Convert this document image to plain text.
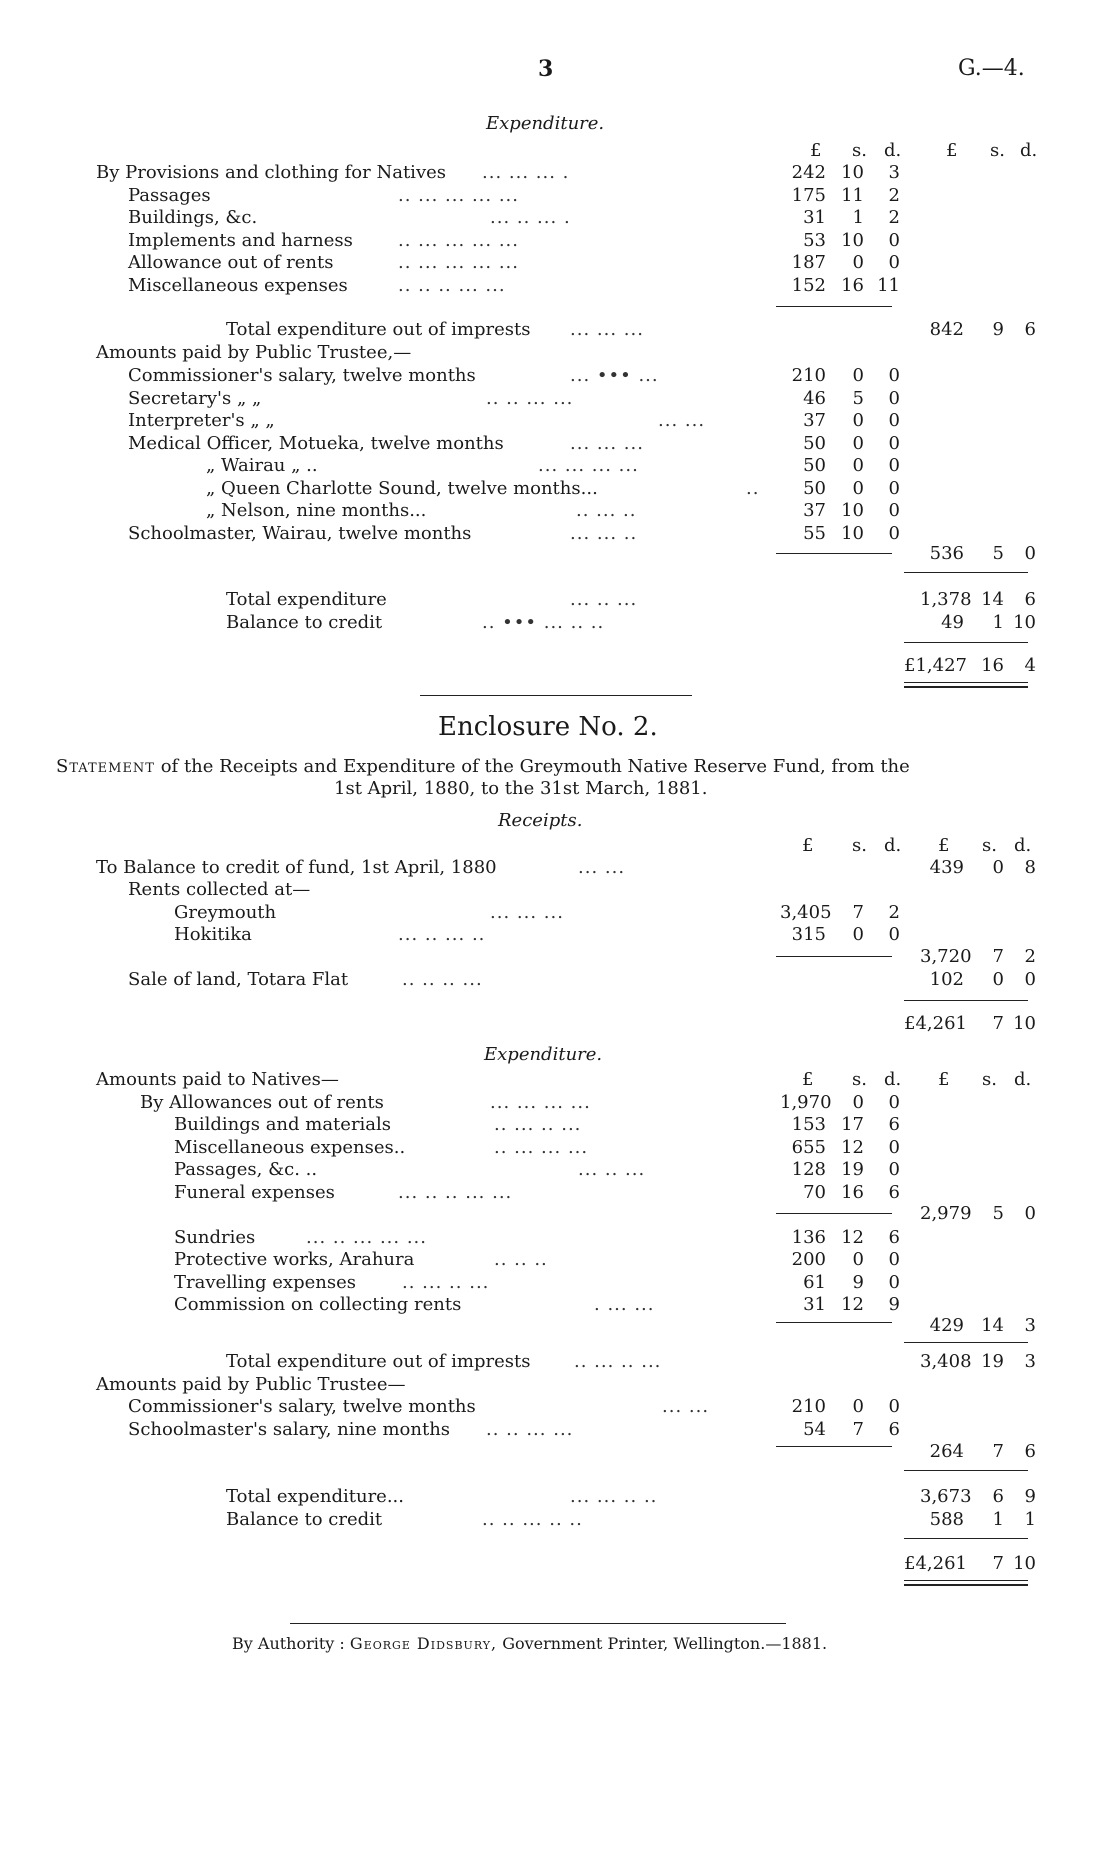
3	G.—4.
Expenditure.
£ s. d. £ s. d.
By Provisions and clothing for Natives ... ... ... .	242 10	3
Passages	.. ... ... ... ...	175 11	2
Buildings, &c.	... .. ... .	31	1	2
Implements and harness	.. ... ... ... ...	53 10	0
Allowance out of rents	.. ... ... ... ...	187	0	0
Miscellaneous expenses	.. .. .. ... ...	152 16 11
Total expenditure out of imprests ... ... ...	842	9	6
Amounts paid by Public Trustee,—
Commissioner's salary, twelve months	... ••• ...	210	0	0
Secretary's „ „	.. .. ... ...	46	5	0
Interpreter's „ „	... ...	37	0	0
Medical Officer, Motueka, twelve months	... ... ...	50	0	0
„ Wairau „ ..	... ... ... ...	50	0	0
„ Queen Charlotte Sound, twelve months...	..	50	0	0
„ Nelson, nine months...	.. ... ..	37 10	0
Schoolmaster, Wairau, twelve months	... ... ..	55 10	0
536	5	0
Total expenditure	... .. ...	1,378 14	6
Balance to credit	.. ••• ... .. ..	49	1 10
£1,427 16	4
Enclosure No. 2.
Statement of the Receipts and Expenditure of the Greymouth Native Reserve Fund, from the
1st April, 1880, to the 31st March, 1881.
Receipts.
£ s. d. £ s. d.
To Balance to credit of fund, 1st April, 1880	... ...	439	0	8
Rents collected at—
Greymouth	... ... ...	3,405	7	2
Hokitika	... .. ... ..	315	0	0
3,720	7	2
Sale of land, Totara Flat	.. .. .. ...	102	0	0
£4,261	7 10
Expenditure.
Amounts paid to Natives—	£ s. d. £ s. d.
By Allowances out of rents	... ... ... ...	1,970	0	0
Buildings and materials	.. ... .. ...	153 17	6
Miscellaneous expenses..	.. ... ... ...	655 12	0
Passages, &c. ..	... .. ...	128 19	0
Funeral expenses	... .. .. ... ...	70 16	6
2,979	5	0
Sundries	... .. ... ... ...	136 12	6
Protective works, Arahura	.. .. ..	200	0	0
Travelling expenses	.. ... .. ...	61	9	0
Commission on collecting rents	. ... ...	31 12	9
429 14	3
Total expenditure out of imprests .. ... .. ...	3,408 19	3
Amounts paid by Public Trustee—
Commissioner's salary, twelve months	... ...	210	0	0
Schoolmaster's salary, nine months .. .. ... ...	54	7	6
264	7	6
Total expenditure...	... ... .. ..	3,673	6	9
Balance to credit	.. .. ... .. ..	588	1	1
£4,261	7 10
By Authority : George Didsbury, Government Printer, Wellington.—1881.
